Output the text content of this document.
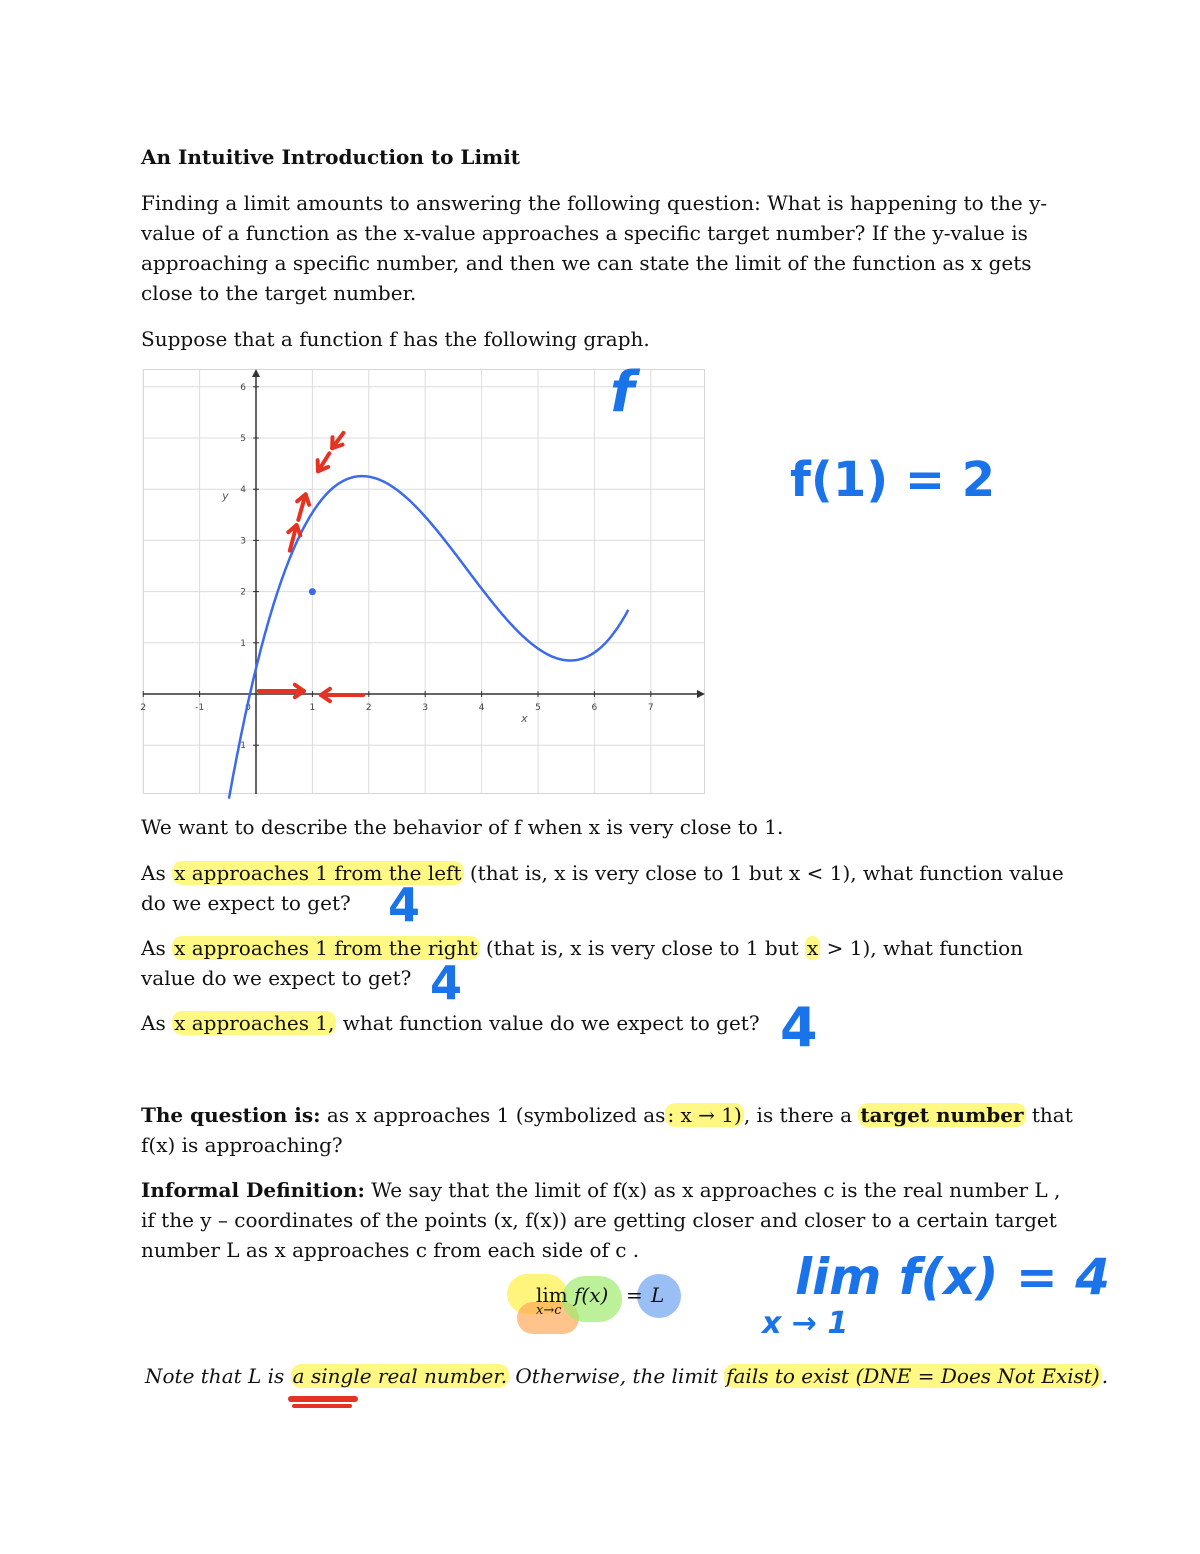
An Intuitive Introduction to Limit
Finding a limit amounts to answering the following question: What is happening to the y-
value of a function as the x-value approaches a specific target number? If the y-value is
approaching a specific number, and then we can state the limit of the function as x gets
close to the target number.
Suppose that a function f has the following graph.
2	-1	0	1	2	3	4	5	6	7
6
5
4
3
2
1
-1
x
y
f
f(1) = 2
We want to describe the behavior of f when x is very close to 1.
As x approaches 1 from the left (that is, x is very close to 1 but x < 1), what function value
do we expect to get? 4
As x approaches 1 from the right (that is, x is very close to 1 but x > 1), what function
value do we expect to get? 4
As x approaches 1, what function value do we expect to get? 4
The question is: as x approaches 1 (symbolized as : x → 1) , is there a target number that
f(x) is approaching?
Informal Definition: We say that the limit of f(x) as x approaches c is the real number L ,
if the y – coordinates of the points (x, f(x)) are getting closer and closer to a certain target
number L as x approaches c from each side of c .
lim
x→c
f(x) = L	lim f(x) = 4
x → 1
Note that L is a single real number. Otherwise, the limit fails to exist (DNE = Does Not Exist) .
